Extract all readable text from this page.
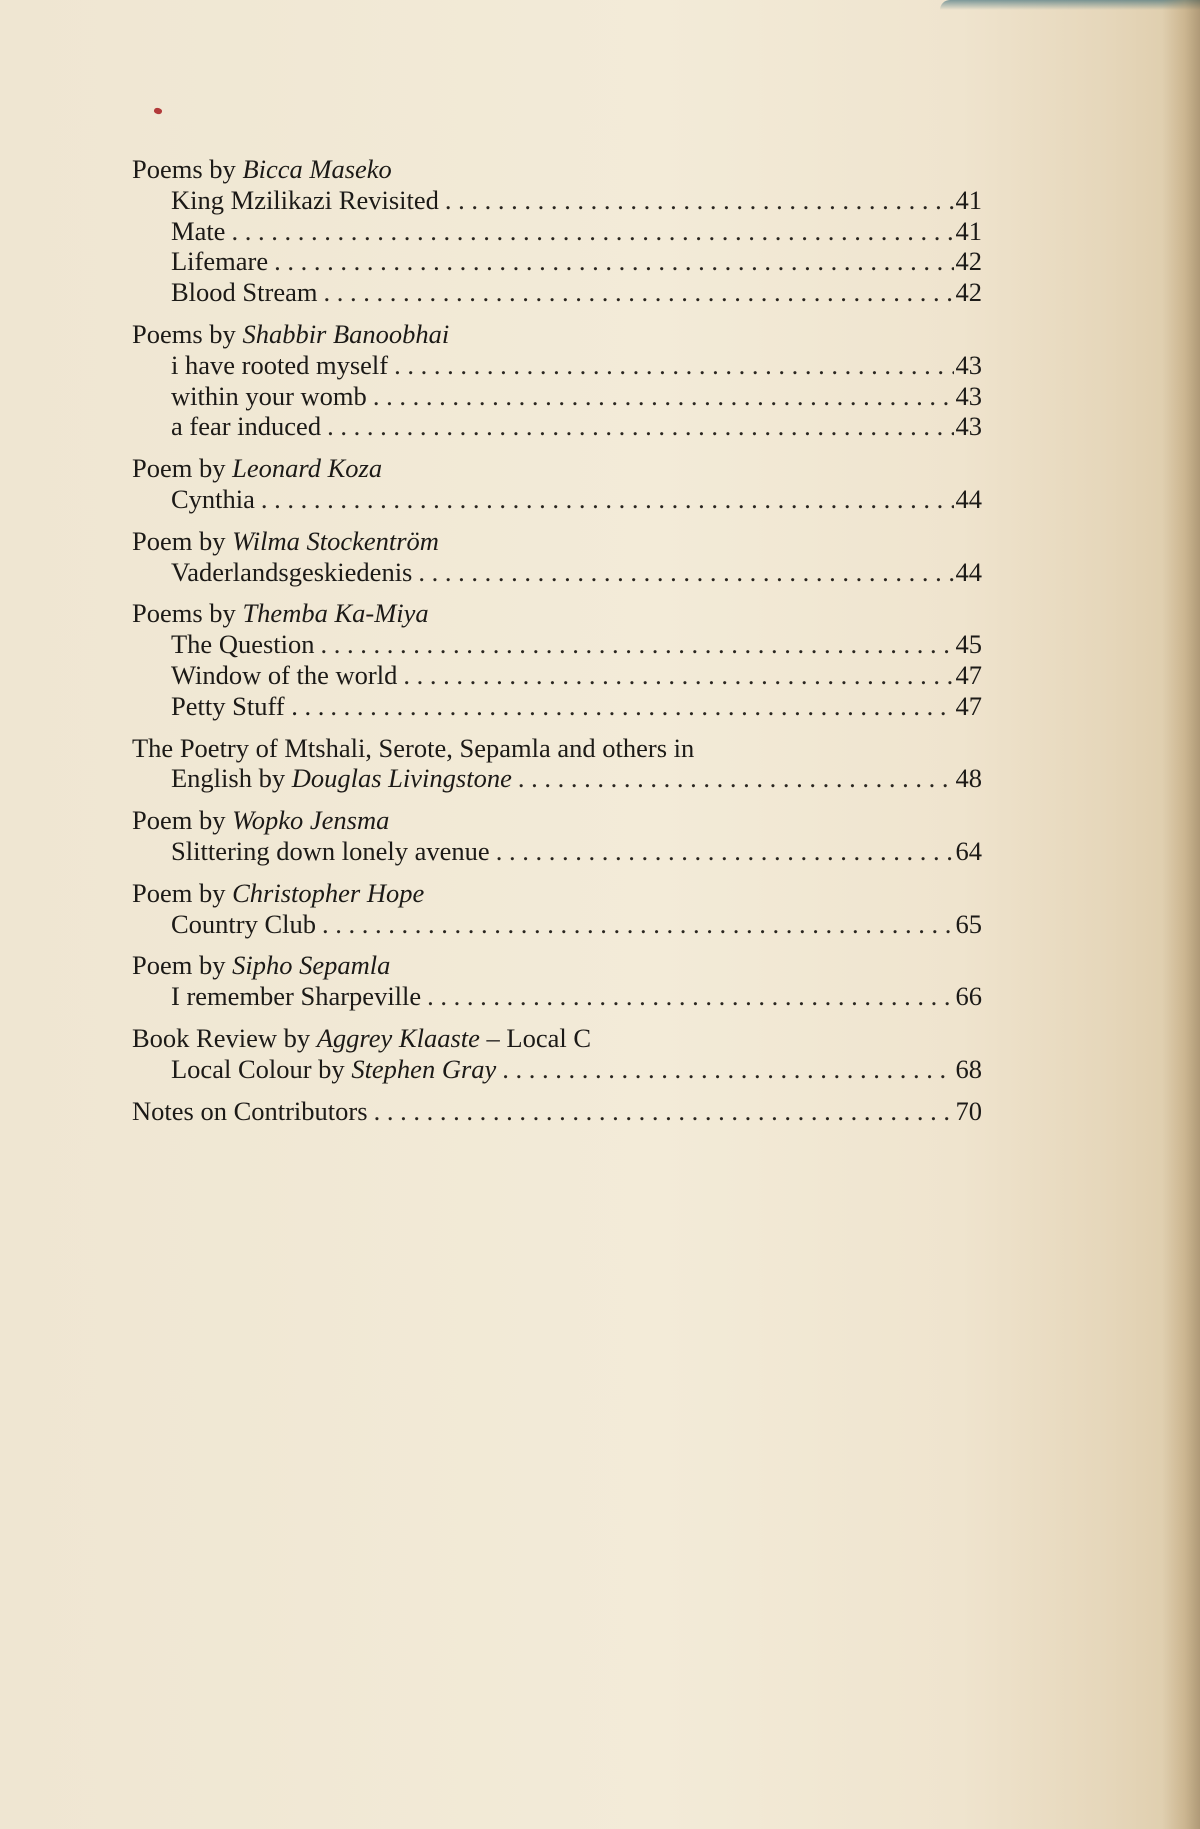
Poems by Bicca Maseko
King Mzilikazi Revisited . . .	41
Mate . . .	41
Lifemare . . .	42
Blood Stream . . .	42
Poems by Shabbir Banoobhai
i have rooted myself . . .	43
within your womb . . .	43
a fear induced . . .	43
Poem by Leonard Koza
Cynthia . . .	44
Poem by Wilma Stockentröm
Vaderlandsgeskiedenis . . .	44
Poems by Themba Ka-Miya
The Question . . .	45
Window of the world . . .	47
Petty Stuff . . . . . .	47
The Poetry of Mtshali, Serote, Sepamla and others in
English by Douglas Livingstone . . .	48
Poem by Wopko Jensma
Slittering down lonely avenue . . .	64
Poem by Christopher Hope
Country Club . . .	65
Poem by Sipho Sepamla
I remember Sharpeville . . .	66
Book Review by Aggrey Klaaste – Local C
Local Colour by Stephen Gray . . .	68
Notes on Contributors . . .	70
